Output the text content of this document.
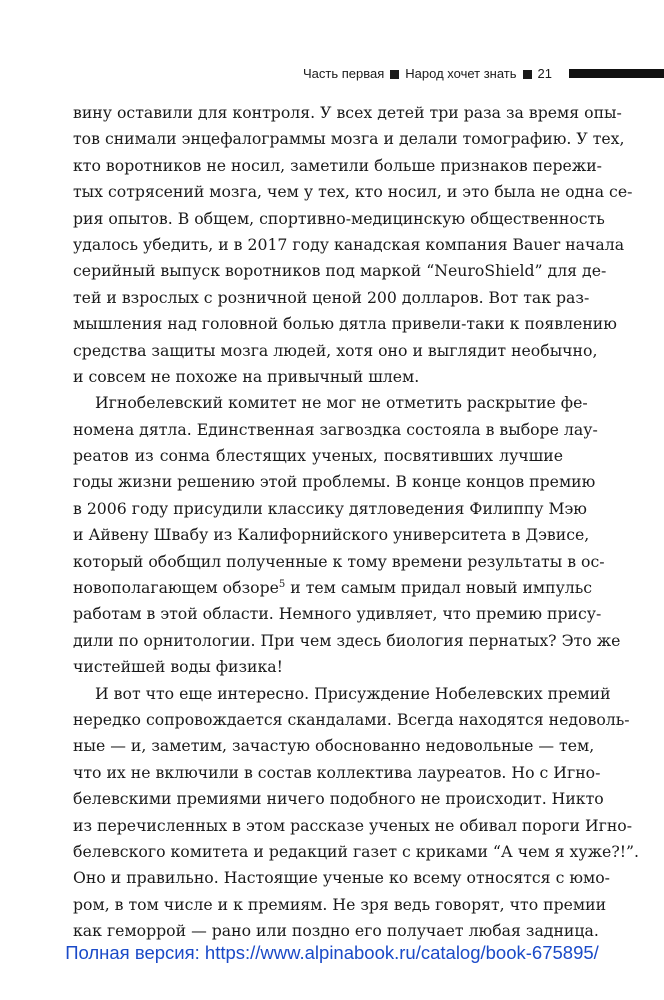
Часть первая Народ хочет знать 21

вину оставили для контроля. У всех детей три раза за время опы-
тов снимали энцефалограммы мозга и делали томографию. У тех,
кто воротников не носил, заметили больше признаков пережи-
тых сотрясений мозга, чем у тех, кто носил, и это была не одна се-
рия опытов. В общем, спортивно-медицинскую общественность
удалось убедить, и в 2017 году канадская компания Bauer начала
серийный выпуск воротников под маркой “NeuroShield” для де-
тей и взрослых с розничной ценой 200 долларов. Вот так раз-
мышления над головной болью дятла привели-таки к появлению
средства защиты мозга людей, хотя оно и выглядит необычно,
и совсем не похоже на привычный шлем.

Игнобелевский комитет не мог не отметить раскрытие фе-
номена дятла. Единственная загвоздка состояла в выборе лау-
реатов из сонма блестящих ученых, посвятивших лучшие
годы жизни решению этой проблемы. В конце концов премию
в 2006 году присудили классику дятловедения Филиппу Мэю
и Айвену Швабу из Калифорнийского университета в Дэвисе,
который обобщил полученные к тому времени результаты в ос-
новополагающем обзоре$^5$ и тем самым придал новый импульс
работам в этой области. Немного удивляет, что премию прису-
дили по орнитологии. При чем здесь биология пернатых? Это же
чистейшей воды физика!

И вот что еще интересно. Присуждение Нобелевских премий
нередко сопровождается скандалами. Всегда находятся недоволь-
ные — и, заметим, зачастую обоснованно недовольные — тем,
что их не включили в состав коллектива лауреатов. Но с Игно-
белевскими премиями ничего подобного не происходит. Никто
из перечисленных в этом рассказе ученых не обивал пороги Игно-
белевского комитета и редакций газет с криками “А чем я хуже?!”.
Оно и правильно. Настоящие ученые ко всему относятся с юмо-
ром, в том числе и к премиям. Не зря ведь говорят, что премии
как геморрой — рано или поздно его получает любая задница.

Полная версия: https://www.alpinabook.ru/catalog/book-675895/
